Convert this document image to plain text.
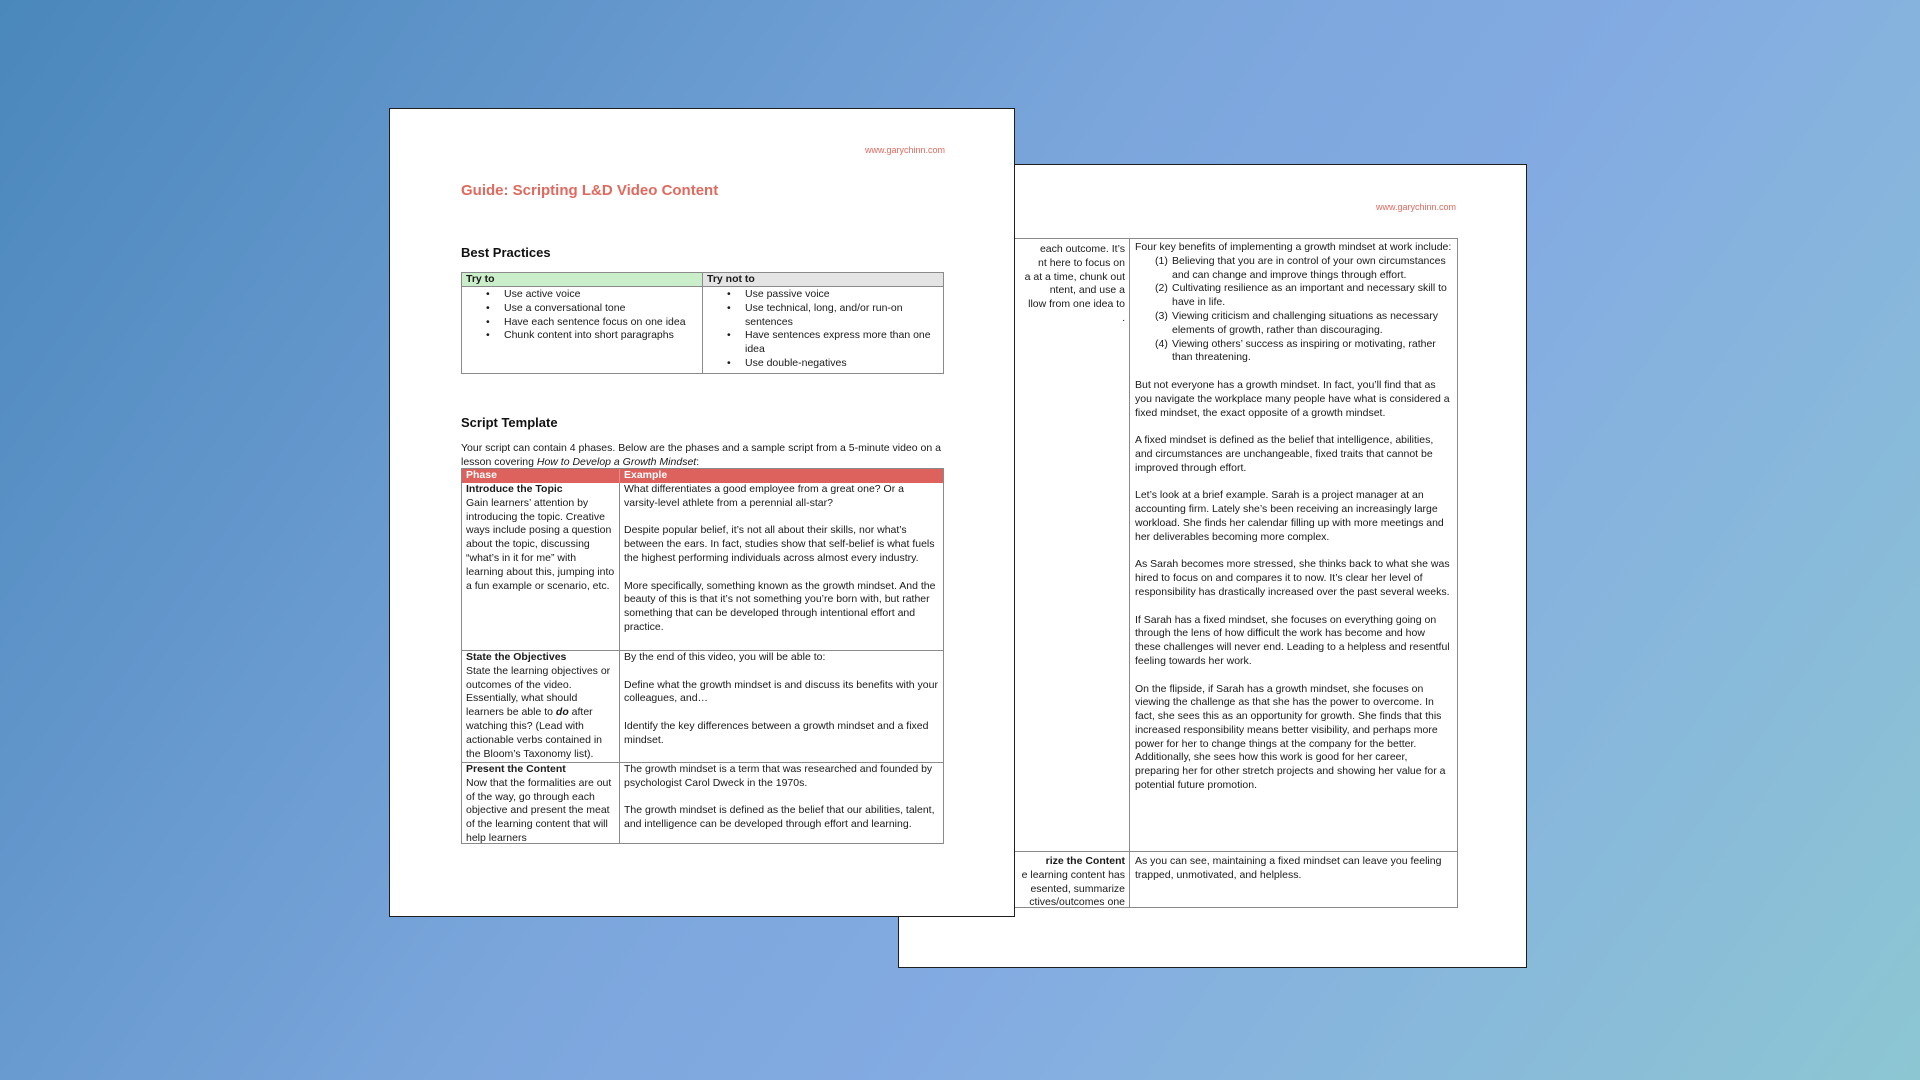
www.garychinn.com
each outcome. It’s
nt here to focus on
a at a time, chunk out
ntent, and use a
llow from one idea to
.
rize the Content
e learning content has
esented, summarize
ctives/outcomes one

Four key benefits of implementing a growth mindset at work include:

(1) Believing that you are in control of your own circumstances and can change and improve things through effort.
(2) Cultivating resilience as an important and necessary skill to have in life.
(3) Viewing criticism and challenging situations as necessary elements of growth, rather than discouraging.
(4) Viewing others’ success as inspiring or motivating, rather than threatening.

But not everyone has a growth mindset. In fact, you’ll find that as you navigate the workplace many people have what is considered a fixed mindset, the exact opposite of a growth mindset.

A fixed mindset is defined as the belief that intelligence, abilities, and circumstances are unchangeable, fixed traits that cannot be improved through effort.

Let’s look at a brief example. Sarah is a project manager at an accounting firm. Lately she’s been receiving an increasingly large workload. She finds her calendar filling up with more meetings and her deliverables becoming more complex.

As Sarah becomes more stressed, she thinks back to what she was hired to focus on and compares it to now. It’s clear her level of responsibility has drastically increased over the past several weeks.

If Sarah has a fixed mindset, she focuses on everything going on through the lens of how difficult the work has become and how these challenges will never end. Leading to a helpless and resentful feeling towards her work.

On the flipside, if Sarah has a growth mindset, she focuses on viewing the challenge as that she has the power to overcome. In fact, she sees this as an opportunity for growth. She finds that this increased responsibility means better visibility, and perhaps more power for her to change things at the company for the better. Additionally, she sees how this work is good for her career, preparing her for other stretch projects and showing her value for a potential future promotion.

As you can see, maintaining a fixed mindset can leave you feeling trapped, unmotivated, and helpless.
www.garychinn.com
Guide: Scripting L&D Video Content
Best Practices
Try to	Try not to
• Use active voice
• Use a conversational tone
• Have each sentence focus on one idea
• Chunk content into short paragraphs
• Use passive voice
• Use technical, long, and/or run-on sentences
• Have sentences express more than one idea
• Use double-negatives
Script Template
Your script can contain 4 phases. Below are the phases and a sample script from a 5-minute video on a lesson covering How to Develop a Growth Mindset:
Phase	Example
Introduce the Topic
Gain learners’ attention by introducing the topic. Creative ways include posing a question about the topic, discussing “what’s in it for me” with learning about this, jumping into a fun example or scenario, etc.

What differentiates a good employee from a great one? Or a varsity-level athlete from a perennial all-star?

Despite popular belief, it’s not all about their skills, nor what’s between the ears. In fact, studies show that self-belief is what fuels the highest performing individuals across almost every industry.

More specifically, something known as the growth mindset. And the beauty of this is that it’s not something you’re born with, but rather something that can be developed through intentional effort and practice.

State the Objectives
State the learning objectives or outcomes of the video. Essentially, what should learners be able to do after watching this? (Lead with actionable verbs contained in the Bloom’s Taxonomy list).

By the end of this video, you will be able to:

Define what the growth mindset is and discuss its benefits with your colleagues, and…

Identify the key differences between a growth mindset and a fixed mindset.

Present the Content
Now that the formalities are out of the way, go through each objective and present the meat of the learning content that will help learners

The growth mindset is a term that was researched and founded by psychologist Carol Dweck in the 1970s.

The growth mindset is defined as the belief that our abilities, talent, and intelligence can be developed through effort and learning.
